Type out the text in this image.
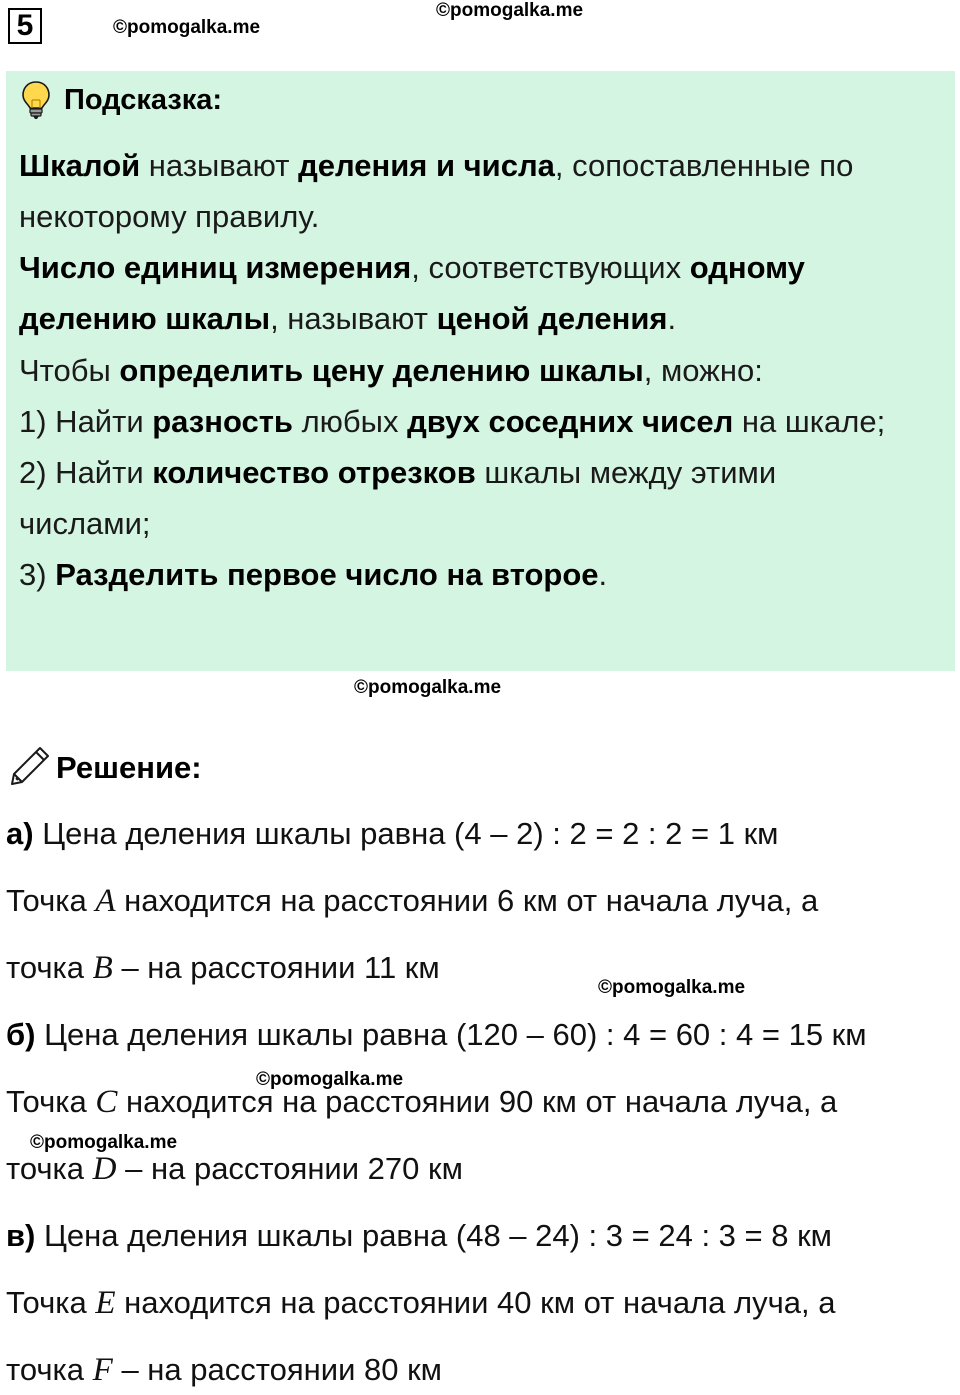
©pomogalka.me
©pomogalka.me
©pomogalka.me
©pomogalka.me
©pomogalka.me
©pomogalka.me
5
Подсказка:
Шкалой называют деления и числа, сопоставленные по
некоторому правилу.
Число единиц измерения, соответствующих одному
делению шкалы, называют ценой деления.
Чтобы определить цену делению шкалы, можно:
1) Найти разность любых двух соседних чисел на шкале;
2) Найти количество отрезков шкалы между этими
числами;
3) Разделить первое число на второе.
Решение:
а) Цена деления шкалы равна (4 – 2) : 2 = 2 : 2 = 1 км
Точка A находится на расстоянии 6 км от начала луча, а
точка B – на расстоянии 11 км
б) Цена деления шкалы равна (120 – 60) : 4 = 60 : 4 = 15 км
Точка C находится на расстоянии 90 км от начала луча, а
точка D – на расстоянии 270 км
в) Цена деления шкалы равна (48 – 24) : 3 = 24 : 3 = 8 км
Точка E находится на расстоянии 40 км от начала луча, а
точка F – на расстоянии 80 км
